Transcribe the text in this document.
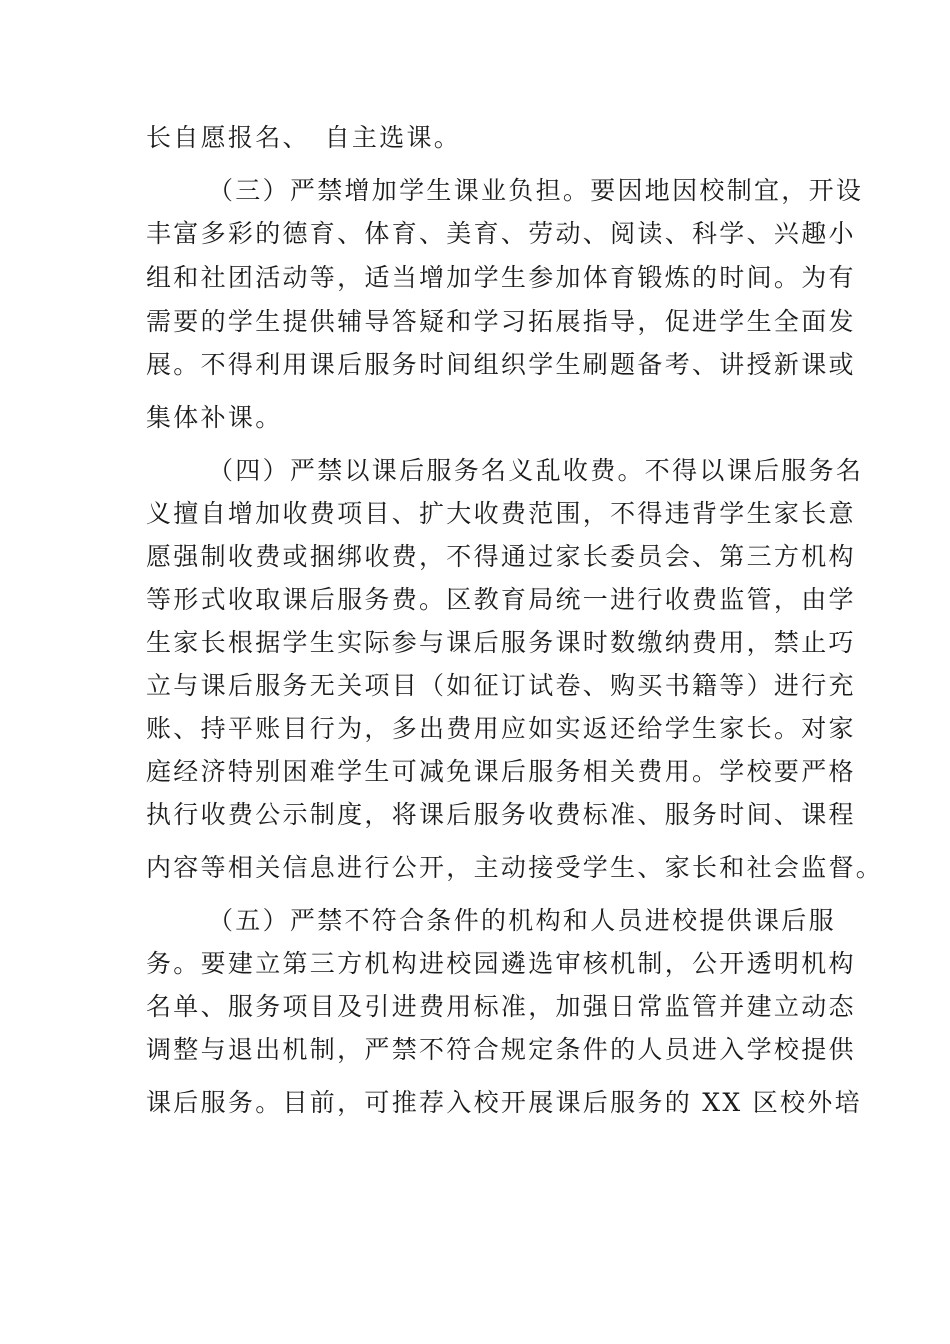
长自愿报名、　自主选课。
（三）严禁增加学生课业负担。要因地因校制宜，开设
丰富多彩的德育、体育、美育、劳动、阅读、科学、兴趣小
组和社团活动等，适当增加学生参加体育锻炼的时间。为有
需要的学生提供辅导答疑和学习拓展指导，促进学生全面发
展。不得利用课后服务时间组织学生刷题备考、讲授新课或
集体补课。
（四）严禁以课后服务名义乱收费。不得以课后服务名
义擅自增加收费项目、扩大收费范围，不得违背学生家长意
愿强制收费或捆绑收费，不得通过家长委员会、第三方机构
等形式收取课后服务费。区教育局统一进行收费监管，由学
生家长根据学生实际参与课后服务课时数缴纳费用，禁止巧
立与课后服务无关项目（如征订试卷、购买书籍等）进行充
账、持平账目行为，多出费用应如实返还给学生家长。对家
庭经济特别困难学生可减免课后服务相关费用。学校要严格
执行收费公示制度，将课后服务收费标准、服务时间、课程
内容等相关信息进行公开，主动接受学生、家长和社会监督。
（五）严禁不符合条件的机构和人员进校提供课后服
务。要建立第三方机构进校园遴选审核机制，公开透明机构
名单、服务项目及引进费用标准，加强日常监管并建立动态
调整与退出机制，严禁不符合规定条件的人员进入学校提供
课后服务。目前，可推荐入校开展课后服务的 XX 区校外培
